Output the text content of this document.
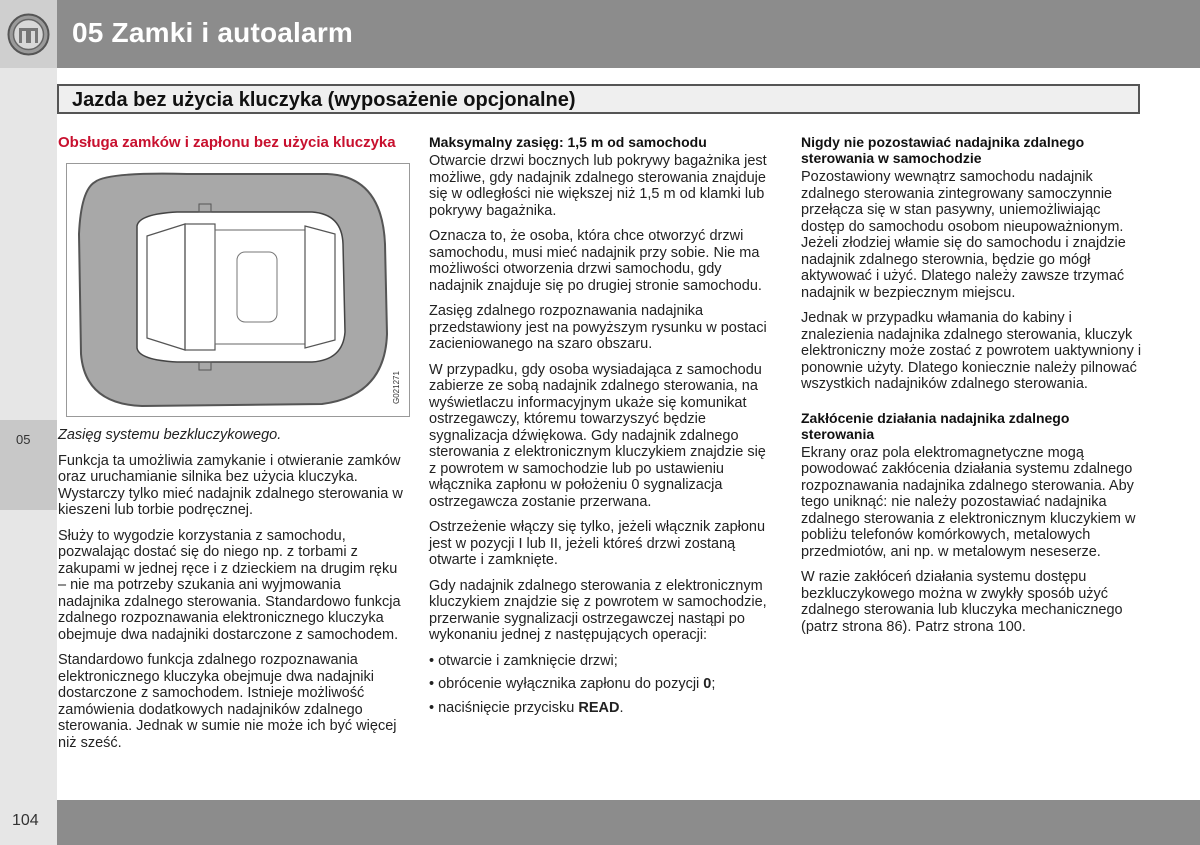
05 Zamki i autoalarm
05
Jazda bez użycia kluczyka (wyposażenie opcjonalne)
Obsługa zamków i zapłonu bez użycia kluczyka
G021271

Zasięg systemu bezkluczykowego.

Funkcja ta umożliwia zamykanie i otwieranie zamków oraz uruchamianie silnika bez użycia kluczyka. Wystarczy tylko mieć nadajnik zdalnego sterowania w kieszeni lub torbie podręcznej.

Służy to wygodzie korzystania z samochodu, pozwalając dostać się do niego np. z torbami z zakupami w jednej ręce i z dzieckiem na drugim ręku – nie ma potrzeby szukania ani wyjmowania nadajnika zdalnego sterowania. Standardowo funkcja zdalnego rozpoznawania elektronicznego kluczyka obejmuje dwa nadajniki dostarczone z samochodem.

Standardowo funkcja zdalnego rozpoznawania elektronicznego kluczyka obejmuje dwa nadajniki dostarczone z samochodem. Istnieje możliwość zamówienia dodatkowych nadajników zdalnego sterowania. Jednak w sumie nie może ich być więcej niż sześć.

Maksymalny zasięg: 1,5 m od samochodu

Otwarcie drzwi bocznych lub pokrywy bagażnika jest możliwe, gdy nadajnik zdalnego sterowania znajduje się w odległości nie większej niż 1,5 m od klamki lub pokrywy bagażnika.

Oznacza to, że osoba, która chce otworzyć drzwi samochodu, musi mieć nadajnik przy sobie. Nie ma możliwości otworzenia drzwi samochodu, gdy nadajnik znajduje się po drugiej stronie samochodu.

Zasięg zdalnego rozpoznawania nadajnika przedstawiony jest na powyższym rysunku w postaci zacieniowanego na szaro obszaru.

W przypadku, gdy osoba wysiadająca z samochodu zabierze ze sobą nadajnik zdalnego sterowania, na wyświetlaczu informacyjnym ukaże się komunikat ostrzegawczy, któremu towarzyszyć będzie sygnalizacja dźwiękowa. Gdy nadajnik zdalnego sterowania z elektronicznym kluczykiem znajdzie się z powrotem w samochodzie lub po ustawieniu włącznika zapłonu w położeniu 0 sygnalizacja ostrzegawcza zostanie przerwana.

Ostrzeżenie włączy się tylko, jeżeli włącznik zapłonu jest w pozycji I lub II, jeżeli któreś drzwi zostaną otwarte i zamknięte.

Gdy nadajnik zdalnego sterowania z elektronicznym kluczykiem znajdzie się z powrotem w samochodzie, przerwanie sygnalizacji ostrzegawczej nastąpi po wykonaniu jednej z następujących operacji:

• otwarcie i zamknięcie drzwi;
• obrócenie wyłącznika zapłonu do pozycji 0;
• naciśnięcie przycisku READ.
Nigdy nie pozostawiać nadajnika zdalnego sterowania w samochodzie

Pozostawiony wewnątrz samochodu nadajnik zdalnego sterowania zintegrowany samoczynnie przełącza się w stan pasywny, uniemożliwiając dostęp do samochodu osobom nieupoważnionym. Jeżeli złodziej włamie się do samochodu i znajdzie nadajnik zdalnego sterownia, będzie go mógł aktywować i użyć. Dlatego należy zawsze trzymać nadajnik w bezpiecznym miejscu.

Jednak w przypadku włamania do kabiny i znalezienia nadajnika zdalnego sterowania, kluczyk elektroniczny może zostać z powrotem uaktywniony i ponownie użyty. Dlatego koniecznie należy pilnować wszystkich nadajników zdalnego sterowania.

Zakłócenie działania nadajnika zdalnego sterowania

Ekrany oraz pola elektromagnetyczne mogą powodować zakłócenia działania systemu zdalnego rozpoznawania nadajnika zdalnego sterowania. Aby tego uniknąć: nie należy pozostawiać nadajnika zdalnego sterowania z elektronicznym kluczykiem w pobliżu telefonów komórkowych, metalowych przedmiotów, ani np. w metalowym neseserze.

W razie zakłóceń działania systemu dostępu bezkluczykowego można w zwykły sposób użyć zdalnego sterowania lub kluczyka mechanicznego (patrz strona 86). Patrz strona 100.

104
